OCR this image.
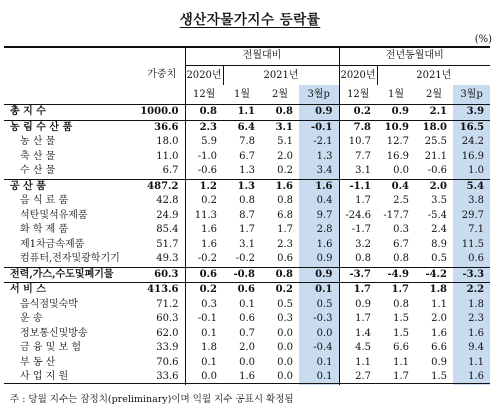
생산자물가지수 등락률
(%)
	가중치	전월대비				전년동월대비			
		2020년	2021년			2020년	2021년		
		12월	1월	2월	3월p	12월	1월	2월	3월p
총 지 수	1000.0	0.8	1.1	0.8	0.9	0.2	0.9	2.1	3.9
농 림 수 산 품	36.6	2.3	6.4	3.1	-0.1	7.8	10.9	18.0	16.5
농 산 물	18.0	5.9	7.8	5.1	-2.1	10.7	12.7	25.5	24.2
축 산 물	11.0	-1.0	6.7	2.0	1.3	7.7	16.9	21.1	16.9
수 산 물	6.7	-0.6	1.3	0.2	3.4	3.1	0.0	-0.6	1.0
공 산 품	487.2	1.2	1.3	1.6	1.6	-1.1	0.4	2.0	5.4
음 식 료 품	42.8	0.2	0.8	0.8	0.4	1.7	2.5	3.5	3.8
석탄및석유제품	24.9	11.3	8.7	6.8	9.7	-24.6	-17.7	-5.4	29.7
화 학 제 품	85.4	1.6	1.7	1.7	2.8	-1.7	0.3	2.4	7.1
제1차금속제품	51.7	1.6	3.1	2.3	1.6	3.2	6.7	8.9	11.5
컴퓨터,전자및광학기기	49.3	-0.2	-0.2	0.6	0.9	0.8	0.8	0.5	0.6
전력,가스,수도및폐기물	60.3	0.6	-0.8	0.8	0.9	-3.7	-4.9	-4.2	-3.3
서 비 스	413.6	0.2	0.6	0.2	0.1	1.7	1.7	1.8	2.2
음식점및숙박	71.2	0.3	0.1	0.5	0.5	0.9	0.8	1.1	1.8
운 송	60.3	-0.1	0.6	0.3	-0.3	1.7	1.5	2.0	2.3
정보통신및방송	62.0	0.1	0.7	0.0	0.0	1.4	1.5	1.6	1.6
금 융 및 보 험	33.9	1.8	2.0	0.0	-0.4	4.5	6.6	6.6	9.4
부 동 산	70.6	0.1	0.0	0.0	0.1	1.1	1.1	0.9	1.1
사 업 지 원	33.6	0.0	1.6	0.0	0.1	2.7	1.7	1.5	1.6
주 : 당월 지수는 잠정치(preliminary)이며 익월 지수 공표시 확정됨
